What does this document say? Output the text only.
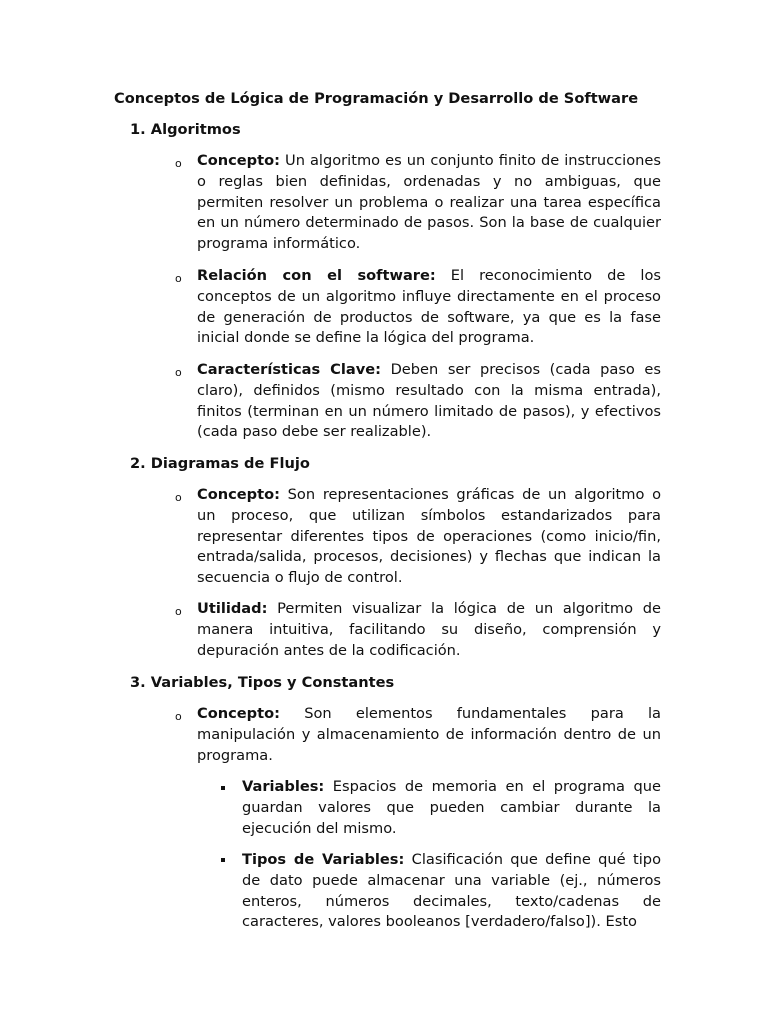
Conceptos de Lógica de Programación y Desarrollo de Software
1. Algoritmos
o Concepto: Un algoritmo es un conjunto finito de instrucciones o reglas bien definidas, ordenadas y no ambiguas, que permiten resolver un problema o realizar una tarea específica en un número determinado de pasos. Son la base de cualquier programa informático.
o Relación con el software: El reconocimiento de los conceptos de un algoritmo influye directamente en el proceso de generación de productos de software, ya que es la fase inicial donde se define la lógica del programa.
o Características Clave: Deben ser precisos (cada paso es claro), definidos (mismo resultado con la misma entrada), finitos (terminan en un número limitado de pasos), y efectivos (cada paso debe ser realizable).
2. Diagramas de Flujo
o Concepto: Son representaciones gráficas de un algoritmo o un proceso, que utilizan símbolos estandarizados para representar diferentes tipos de operaciones (como inicio/fin, entrada/salida, procesos, decisiones) y flechas que indican la secuencia o flujo de control.
o Utilidad: Permiten visualizar la lógica de un algoritmo de manera intuitiva, facilitando su diseño, comprensión y depuración antes de la codificación.
3. Variables, Tipos y Constantes
o Concepto: Son elementos fundamentales para la manipulación y almacenamiento de información dentro de un programa.
Variables: Espacios de memoria en el programa que guardan valores que pueden cambiar durante la ejecución del mismo.
Tipos de Variables: Clasificación que define qué tipo de dato puede almacenar una variable (ej., números enteros, números decimales, texto/cadenas de caracteres, valores booleanos [verdadero/falso]). Esto
